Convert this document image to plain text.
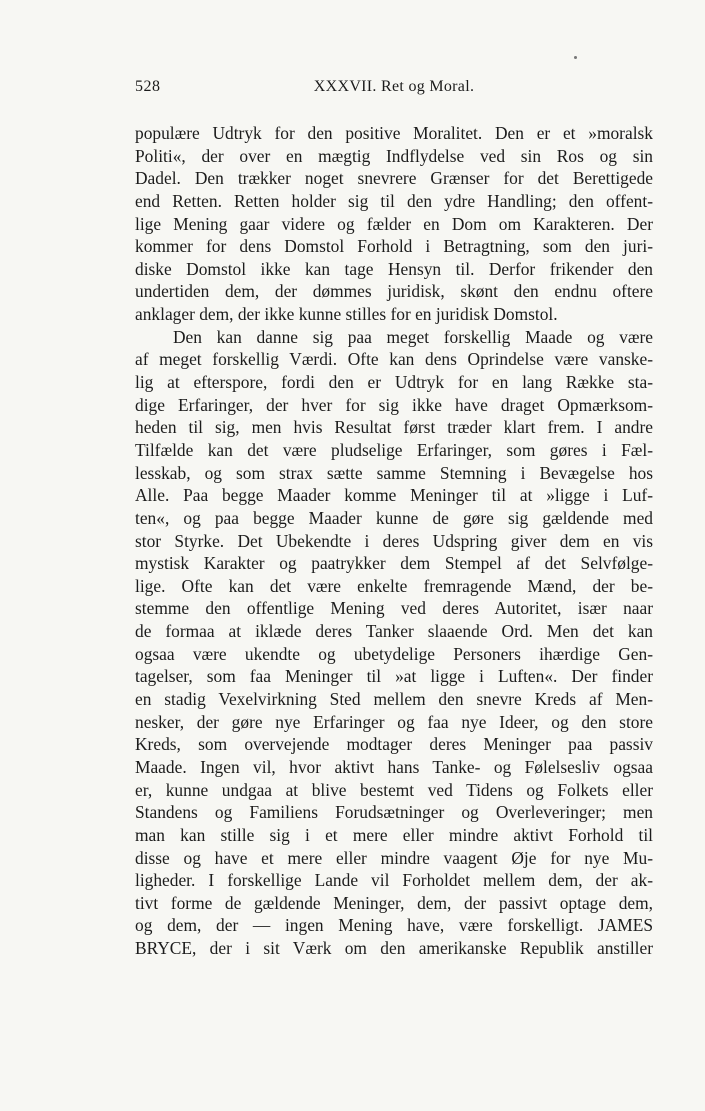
528	XXXVII. Ret og Moral.
populære Udtryk for den positive Moralitet. Den er et »moralsk
Politi«, der over en mægtig Indflydelse ved sin Ros og sin
Dadel. Den trækker noget snevrere Grænser for det Berettigede
end Retten. Retten holder sig til den ydre Handling; den offent-
lige Mening gaar videre og fælder en Dom om Karakteren. Der
kommer for dens Domstol Forhold i Betragtning, som den juri-
diske Domstol ikke kan tage Hensyn til. Derfor frikender den
undertiden dem, der dømmes juridisk, skønt den endnu oftere
anklager dem, der ikke kunne stilles for en juridisk Domstol.
Den kan danne sig paa meget forskellig Maade og være
af meget forskellig Værdi. Ofte kan dens Oprindelse være vanske-
lig at efterspore, fordi den er Udtryk for en lang Række sta-
dige Erfaringer, der hver for sig ikke have draget Opmærksom-
heden til sig, men hvis Resultat først træder klart frem. I andre
Tilfælde kan det være pludselige Erfaringer, som gøres i Fæl-
lesskab, og som strax sætte samme Stemning i Bevægelse hos
Alle. Paa begge Maader komme Meninger til at »ligge i Luf-
ten«, og paa begge Maader kunne de gøre sig gældende med
stor Styrke. Det Ubekendte i deres Udspring giver dem en vis
mystisk Karakter og paatrykker dem Stempel af det Selvfølge-
lige. Ofte kan det være enkelte fremragende Mænd, der be-
stemme den offentlige Mening ved deres Autoritet, især naar
de formaa at iklæde deres Tanker slaaende Ord. Men det kan
ogsaa være ukendte og ubetydelige Personers ihærdige Gen-
tagelser, som faa Meninger til »at ligge i Luften«. Der finder
en stadig Vexelvirkning Sted mellem den snevre Kreds af Men-
nesker, der gøre nye Erfaringer og faa nye Ideer, og den store
Kreds, som overvejende modtager deres Meninger paa passiv
Maade. Ingen vil, hvor aktivt hans Tanke- og Følelsesliv ogsaa
er, kunne undgaa at blive bestemt ved Tidens og Folkets eller
Standens og Familiens Forudsætninger og Overleveringer; men
man kan stille sig i et mere eller mindre aktivt Forhold til
disse og have et mere eller mindre vaagent Øje for nye Mu-
ligheder. I forskellige Lande vil Forholdet mellem dem, der ak-
tivt forme de gældende Meninger, dem, der passivt optage dem,
og dem, der — ingen Mening have, være forskelligt. JAMES
BRYCE, der i sit Værk om den amerikanske Republik anstiller
